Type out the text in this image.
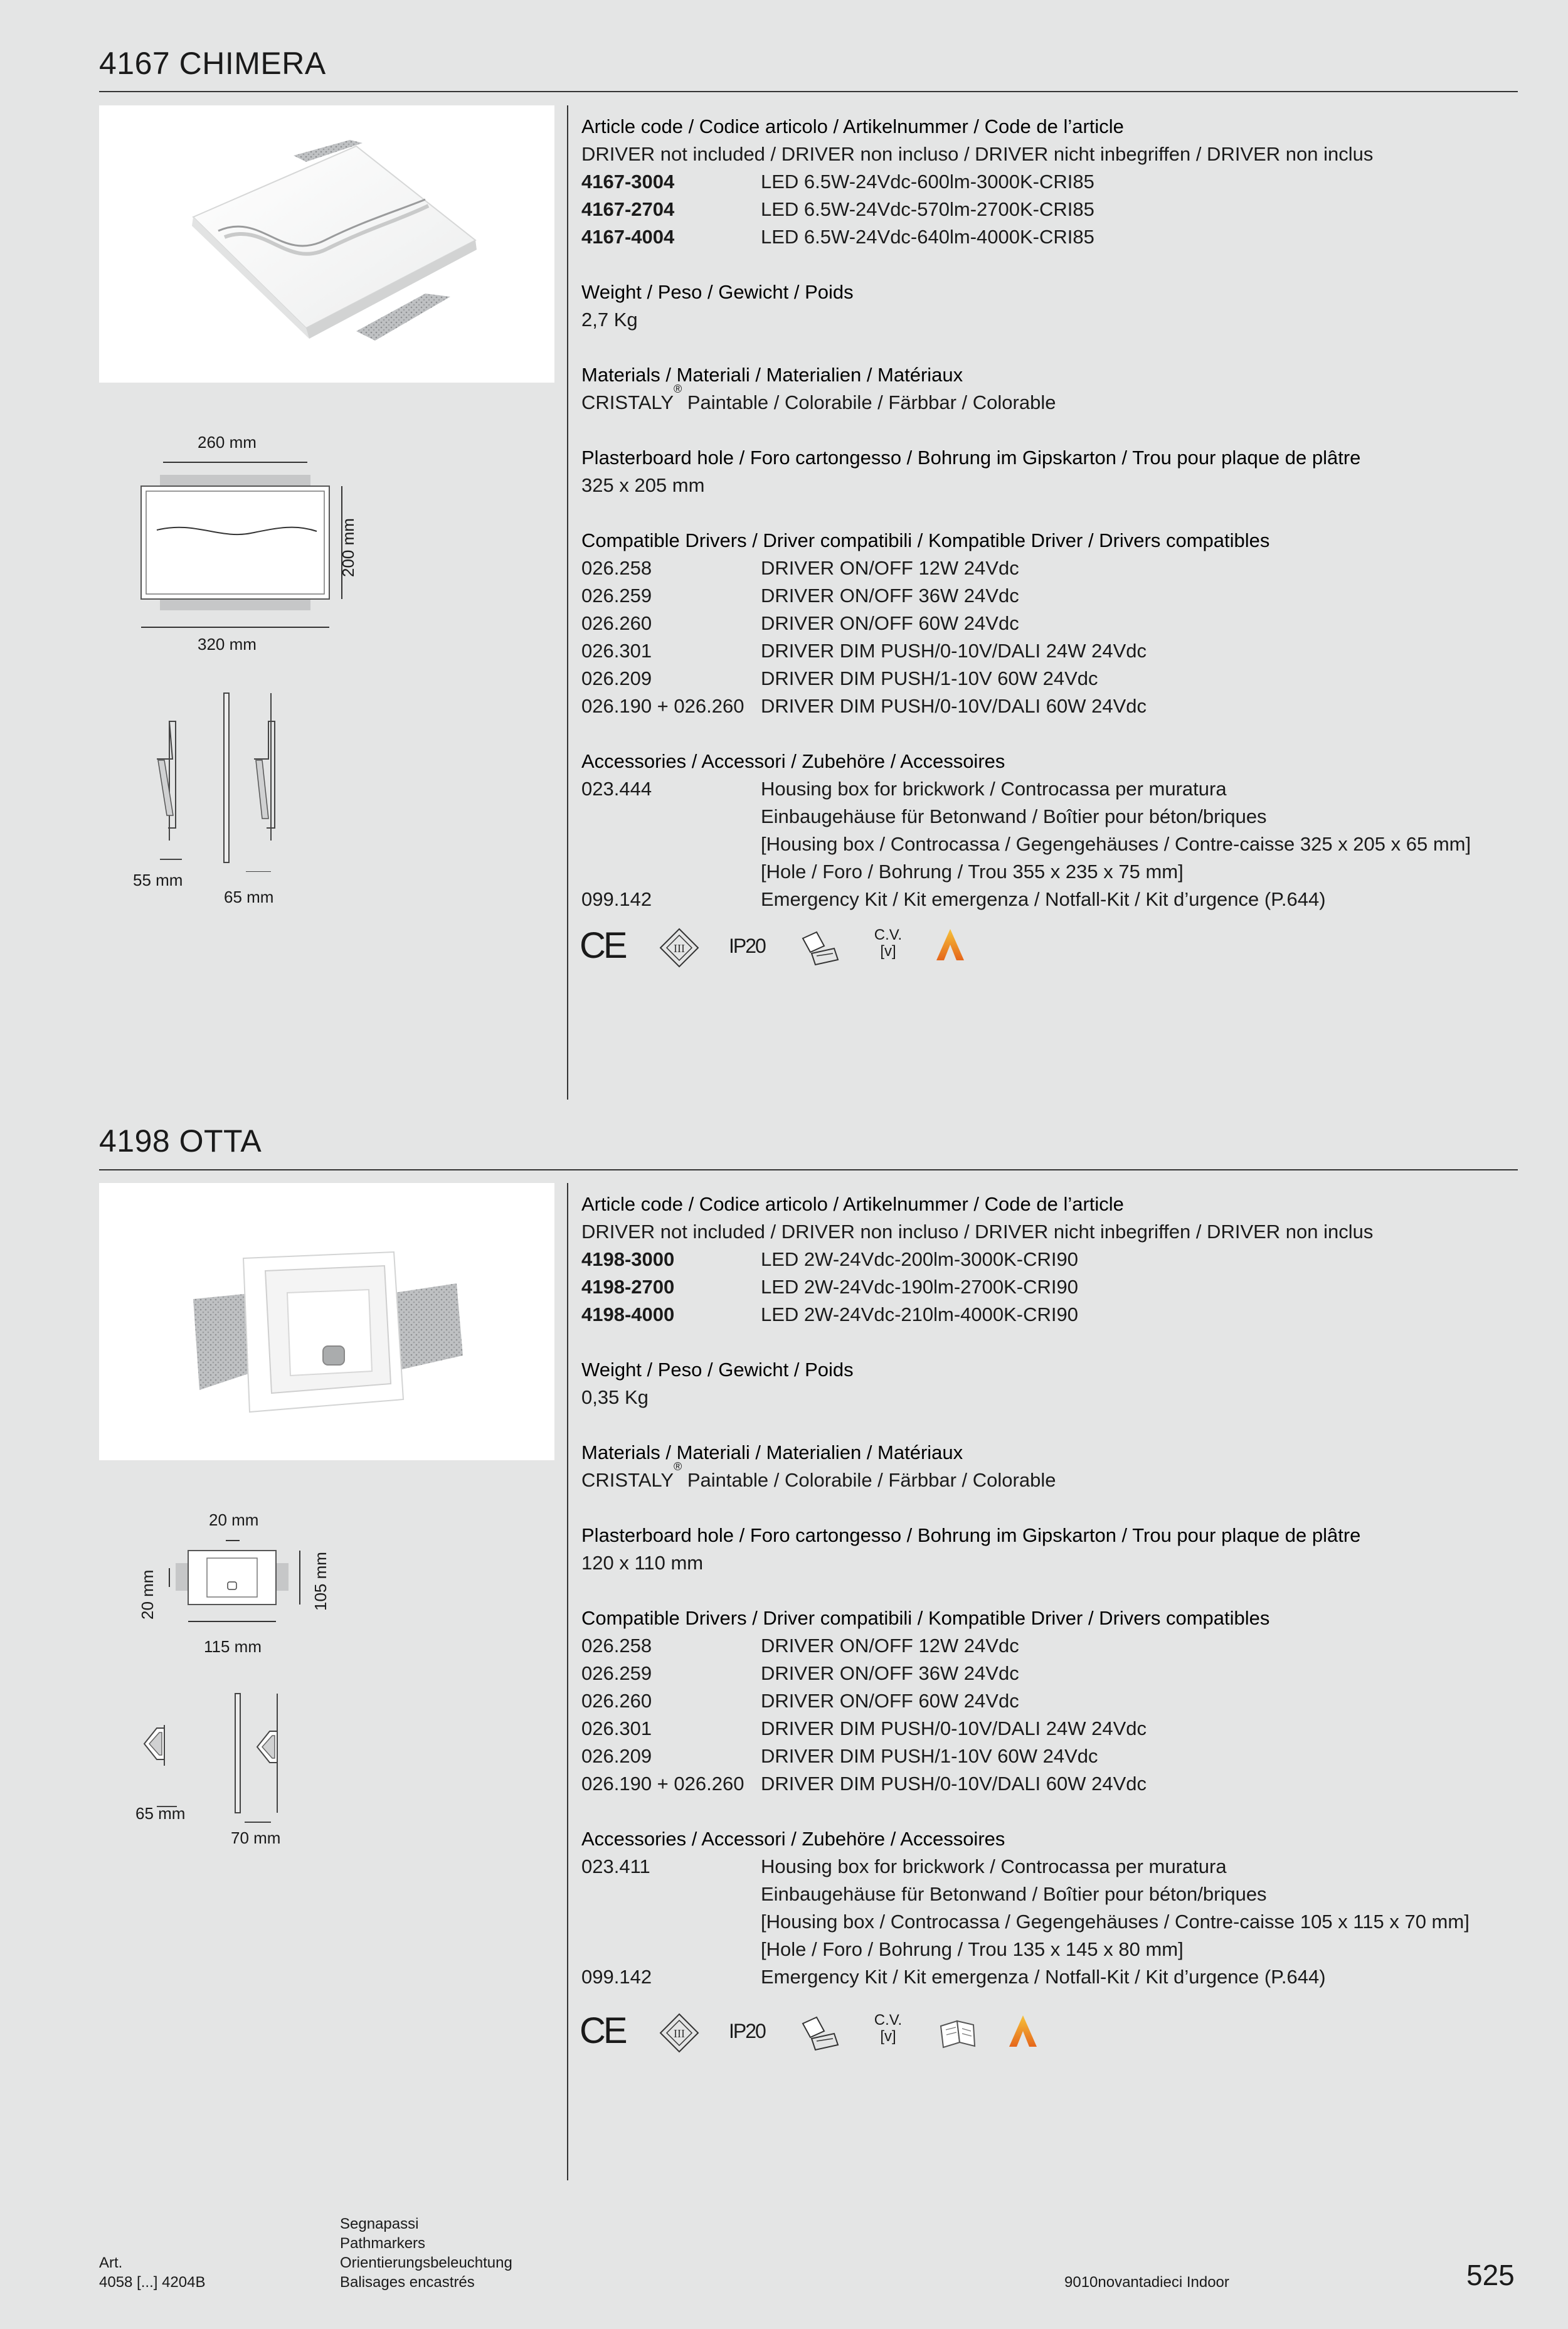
4167 CHIMERA
260 mm
200 mm
320 mm
55 mm
65 mm
Article code / Codice articolo / Artikelnummer / Code de l’article
DRIVER not included / DRIVER non incluso / DRIVER nicht inbegriffen / DRIVER non inclus
4167-3004	LED 6.5W-24Vdc-600lm-3000K-CRI85
4167-2704	LED 6.5W-24Vdc-570lm-2700K-CRI85
4167-4004	LED 6.5W-24Vdc-640lm-4000K-CRI85
Weight / Peso / Gewicht / Poids
2,7 Kg
Materials / Materiali / Materialien / Matériaux
CRISTALY
®
Paintable / Colorabile / Färbbar / Colorable
Plasterboard hole / Foro cartongesso / Bohrung im Gipskarton / Trou pour plaque de plâtre
325 x 205 mm
Compatible Drivers / Driver compatibili / Kompatible Driver / Drivers compatibles
026.258	DRIVER ON/OFF 12W 24Vdc
026.259	DRIVER ON/OFF 36W 24Vdc
026.260	DRIVER ON/OFF 60W 24Vdc
026.301	DRIVER DIM PUSH/0-10V/DALI 24W 24Vdc
026.209	DRIVER DIM PUSH/1-10V 60W 24Vdc
026.190 + 026.260 DRIVER DIM PUSH/0-10V/DALI 60W 24Vdc
Accessories / Accessori / Zubehöre / Accessoires
023.444	Housing box for brickwork / Controcassa per muratura
Einbaugehäuse für Betonwand / Boîtier pour béton/briques
[Housing box / Controcassa / Gegengehäuses / Contre-caisse 325 x 205 x 65 mm]
[Hole / Foro / Bohrung / Trou 355 x 235 x 75 mm]
099.142	Emergency Kit / Kit emergenza / Notfall-Kit / Kit d’urgence (P.644)
CE	III IP20	C.V.
[v]
4198 OTTA
20 mm
20 mm	105 mm
115 mm
65 mm
70 mm
Article code / Codice articolo / Artikelnummer / Code de l’article
DRIVER not included / DRIVER non incluso / DRIVER nicht inbegriffen / DRIVER non inclus
4198-3000	LED 2W-24Vdc-200lm-3000K-CRI90
4198-2700	LED 2W-24Vdc-190lm-2700K-CRI90
4198-4000	LED 2W-24Vdc-210lm-4000K-CRI90
Weight / Peso / Gewicht / Poids
0,35 Kg
Materials / Materiali / Materialien / Matériaux
CRISTALY
®
Paintable / Colorabile / Färbbar / Colorable
Plasterboard hole / Foro cartongesso / Bohrung im Gipskarton / Trou pour plaque de plâtre
120 x 110 mm
Compatible Drivers / Driver compatibili / Kompatible Driver / Drivers compatibles
026.258	DRIVER ON/OFF 12W 24Vdc
026.259	DRIVER ON/OFF 36W 24Vdc
026.260	DRIVER ON/OFF 60W 24Vdc
026.301	DRIVER DIM PUSH/0-10V/DALI 24W 24Vdc
026.209	DRIVER DIM PUSH/1-10V 60W 24Vdc
026.190 + 026.260 DRIVER DIM PUSH/0-10V/DALI 60W 24Vdc
Accessories / Accessori / Zubehöre / Accessoires
023.411	Housing box for brickwork / Controcassa per muratura
Einbaugehäuse für Betonwand / Boîtier pour béton/briques
[Housing box / Controcassa / Gegengehäuses / Contre-caisse 105 x 115 x 70 mm]
[Hole / Foro / Bohrung / Trou 135 x 145 x 80 mm]
099.142	Emergency Kit / Kit emergenza / Notfall-Kit / Kit d’urgence (P.644)
CE	III IP20	C.V.
[v]
Art.
4058 [...] 4204B
Segnapassi
Pathmarkers
Orientierungsbeleuchtung
Balisages encastrés	9010novantadieci Indoor	525
